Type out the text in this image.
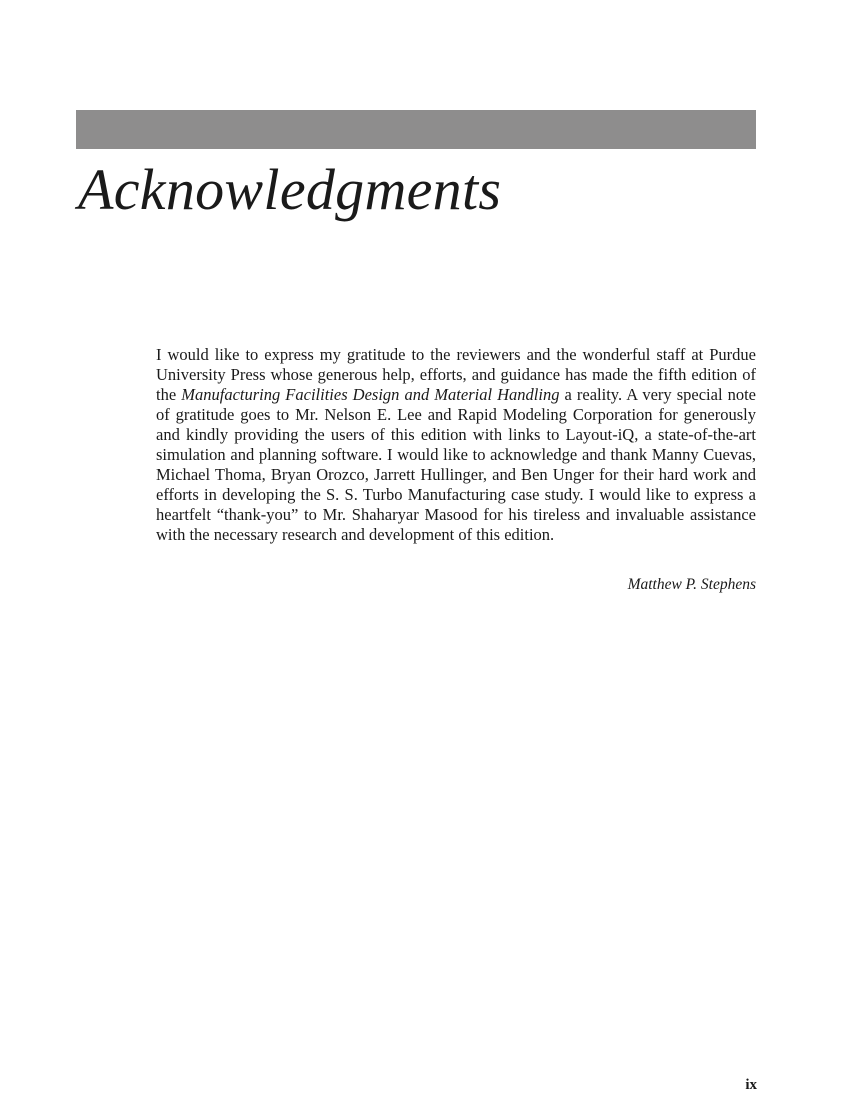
Acknowledgments

I would like to express my gratitude to the reviewers and the wonderful staff at Purdue University Press whose generous help, efforts, and guidance has made the fifth edition of the Manufacturing Facilities Design and Material Handling a reality. A very special note of gratitude goes to Mr. Nelson E. Lee and Rapid Modeling Corporation for generously and kindly providing the users of this edition with links to Layout-iQ, a state-of-the-art simulation and planning software. I would like to acknowledge and thank Manny Cuevas, Michael Thoma, Bryan Orozco, Jarrett Hullinger, and Ben Unger for their hard work and efforts in developing the S. S. Turbo Manufacturing case study. I would like to express a heartfelt “thank-you” to Mr. Shaharyar Masood for his tireless and invaluable assistance with the necessary research and development of this edition.

Matthew P. Stephens

ix
